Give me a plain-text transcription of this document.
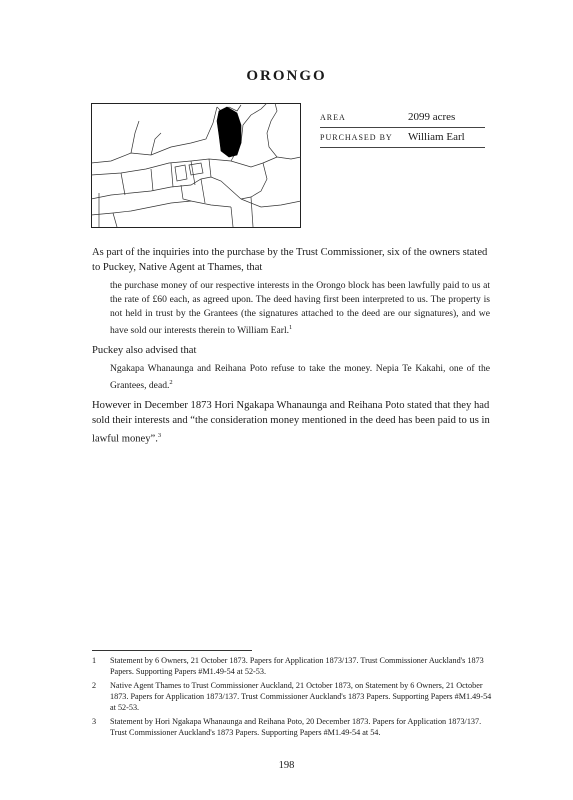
ORONGO
AREA	2099 acres
PURCHASED BY	William Earl

As part of the inquiries into the purchase by the Trust Commissioner, six of the owners stated to Puckey, Native Agent at Thames, that

the purchase money of our respective interests in the Orongo block has been lawfully paid to us at the rate of £60 each, as agreed upon. The deed having first been interpreted to us. The property is not held in trust by the Grantees (the signatures attached to the deed are our signatures), and we have sold our interests therein to William Earl.$^1$

Puckey also advised that

Ngakapa Whanaunga and Reihana Poto refuse to take the money. Nepia Te Kakahi, one of the Grantees, dead.$^2$

However in December 1873 Hori Ngakapa Whanaunga and Reihana Poto stated that they had sold their interests and “the consideration money mentioned in the deed has been paid to us in lawful money”.$^3$

1	Statement by 6 Owners, 21 October 1873. Papers for Application 1873/137. Trust Commissioner Auckland's 1873 Papers. Supporting Papers #M1.49-54 at 52-53.
2	Native Agent Thames to Trust Commissioner Auckland, 21 October 1873, on Statement by 6 Owners, 21 October 1873. Papers for Application 1873/137. Trust Commissioner Auckland's 1873 Papers. Supporting Papers #M1.49-54 at 52-53.
3	Statement by Hori Ngakapa Whanaunga and Reihana Poto, 20 December 1873. Papers for Application 1873/137. Trust Commissioner Auckland's 1873 Papers. Supporting Papers #M1.49-54 at 54.
198
